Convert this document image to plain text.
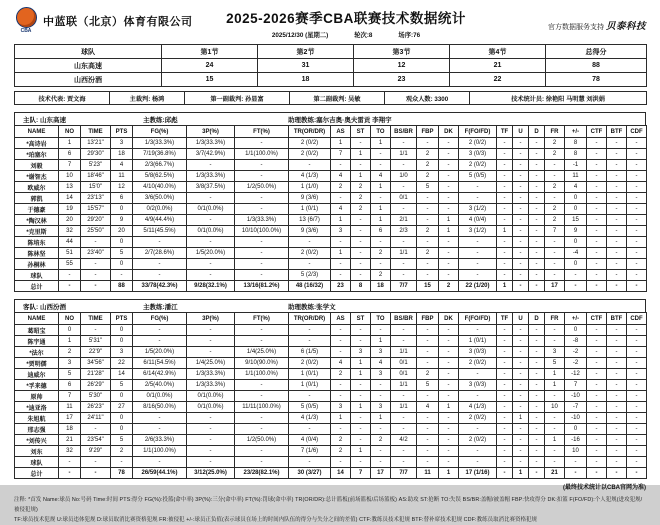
CBA
中蓝联（北京）体育有限公司 2025-2026赛季CBA联赛技术数据统计
2025/12/30 (星期二)	轮次:8	场序:76
官方数据服务支持 贝泰科技
球队	第1节	第2节	第3节	第4节	总得分
山东高速	24	31	12	21	88
山西汾酒	15	18	23	22	78
技术代表: 贾文海	主裁判: 杨鸿	第一副裁判: 孙显富	第二副裁判: 吴敏	观众人数: 3300	技术统计员: 徐艳阳 马明慧 刘洪娟
主队: 山东高速	主教练:邱彪	助理教练:塞尔吉奥·奥夫雷贡 李翔宇
NAME	NO	TIME	PTS	FG(%)	3P(%)	FT(%)	TR(OR/DR)	AS	ST	TO	BS/BR	FBP	DK	F(FO/FD)	TF	U	D	FR	+/-	CTF	BTF	CDF
*高诗岩	1	13'21"	3	1/3(33.3%)	1/3(33.3%)	-	2 (0/2)	1	-	1	-	-	-	2 (0/2)	-	-	-	2	8	-	-	-
*珀塞尔	6	29'30"	18	7/19(36.8%)	3/7(42.9%)	1/1(100.0%)	2 (0/2)	7	1	-	1/1	2	-	3 (0/3)	-	-	-	2	8	-	-	-
刘毅	7	5'23"	4	2/3(66.7%)	-	-	-	-	-	-	-	2	-	2 (0/2)	-	-	-	-	-1	-	-	-
*谢智杰	10	18'46"	11	5/8(62.5%)	1/3(33.3%)	-	4 (1/3)	4	1	4	1/0	2	-	5 (0/5)	-	-	-	-	11	-	-	-
欧威尔	13	15'0"	12	4/10(40.0%)	3/8(37.5%)	1/2(50.0%)	1 (1/0)	2	2	1	-	5	-	-	-	-	-	2	4	-	-	-
郭凯	14	23'13"	6	3/6(50.0%)	-	-	9 (3/6)	-	2	-	0/1	-	-	-	-	-	-	-	0	-	-	-
于德豪	19	15'57"	0	0/2(0.0%)	0/1(0.0%)	-	1 (0/1)	4	2	1	-	-	-	3 (1/2)	-	-	-	2	0	-	-	-
*陶汉林	20	29'20"	9	4/9(44.4%)	-	1/3(33.3%)	13 (6/7)	1	-	1	2/1	-	1	4 (0/4)	-	-	-	2	15	-	-	-
*克里斯	32	25'50"	20	5/11(45.5%)	0/1(0.0%)	10/10(100.0%)	9 (3/6)	3	-	6	2/3	2	1	3 (1/2)	1	-	-	7	9	-	-	-
陈培东	44	-	0	-	-	-	-	-	-	-	-	-	-	-	-	-	-	-	0	-	-	-
陈林坚	51	23'40"	5	2/7(28.6%)	1/5(20.0%)	-	2 (0/2)	1	-	2	1/1	2	-	-	-	-	-	-	-4	-	-	-
孙桐林	55	-	0	-	-	-	-	-	-	-	-	-	-	-	-	-	-	-	0	-	-	-
球队	-	-	-	-	-	-	5 (2/3)	-	-	2	-	-	-	-	-	-	-	-	-	-	-	-
总计	-	-	88	33/78(42.3%)	9/28(32.1%)	13/16(81.2%)	48 (16/32)	23	8	18	7/7	15	2	22 (1/20)	1	-	-	17	-	-	-	-
客队: 山西汾酒	主教练:潘江	助理教练:张学文
NAME	NO	TIME	PTS	FG(%)	3P(%)	FT(%)	TR(OR/DR)	AS	ST	TO	BS/BR	FBP	DK	F(FO/FD)	TF	U	D	FR	+/-	CTF	BTF	CDF
葛昭宝	0	-	0	-	-	-	-	-	-	-	-	-	-	-	-	-	-	-	0	-	-	-
陈宇通	1	5'31"	0	-	-	-	-	-	-	1	-	-	-	1 (0/1)	-	-	-	-	-8	-	-	-
*法尔	2	22'9"	3	1/5(20.0%)	-	1/4(25.0%)	6 (1/5)	-	3	3	1/1	-	-	3 (0/3)	-	-	-	3	-2	-	-	-
*贾明儒	3	34'56"	22	6/11(54.5%)	1/4(25.0%)	9/10(90.0%)	2 (0/2)	4	1	4	0/1	-	-	2 (0/2)	-	-	-	5	-2	-	-	-
迪威尔	5	21'28"	14	6/14(42.9%)	1/3(33.3%)	1/1(100.0%)	1 (0/1)	2	1	3	0/1	2	-	-	-	-	-	1	-12	-	-	-
*孚来德	6	26'29"	5	2/5(40.0%)	1/3(33.3%)	-	1 (0/1)	-	-	-	1/1	5	-	3 (0/3)	-	-	-	1	7	-	-	-
原帅	7	5'30"	0	0/1(0.0%)	0/1(0.0%)	-	-	-	-	-	-	-	-	-	-	-	-	-	-10	-	-	-
*迪亚洛	11	26'23"	27	8/16(50.0%)	0/1(0.0%)	11/11(100.0%)	5 (0/5)	3	1	3	1/1	4	1	4 (1/3)	-	-	-	10	-7	-	-	-
朱旭航	17	24'11"	0	-	-	-	4 (1/3)	1	-	1	-	-	-	2 (0/2)	-	1	-	-	-10	-	-	-
邢志强	18	-	0	-	-	-	-	-	-	-	-	-	-	-	-	-	-	-	0	-	-	-
*刘传兴	21	23'54"	5	2/6(33.3%)	-	1/2(50.0%)	4 (0/4)	2	-	2	4/2	-	-	2 (0/2)	-	-	-	1	-16	-	-	-
刘东	32	9'29"	2	1/1(100.0%)	-	-	7 (1/6)	2	1	-	-	-	-	-	-	-	-	-	10	-	-	-
球队	-	-	-	-	-	-	-	-	-	-	-	-	-	-	-	-	-	-	-	-	-	-
总计	-	-	78	26/59(44.1%)	3/12(25.0%)	23/28(82.1%)	30 (3/27)	14	7	17	7/7	11	1	17 (1/16)	-	1	-	21	-	-	-	-
(最终技术统计以CBA官网为准)
注释: *首发 Name:球员 No:号码 Time:时间 PTS:得分 FG(%):投篮(命中率) 3P(%):三分(命中率) FT(%):罚球(命中率) TR(OR/DR):总计篮板(前场篮板/后场篮板) AS:助攻 ST:抢断 TO:失误 BS/BR:盖帽/被盖帽 FBP:快攻得分 DK:扣篮 F(FO/FD):个人犯规(进攻犯规/被侵犯规)
TF:球员技术犯规 U:球员违体犯规 D:球员取消比赛资格犯规 FR:被侵犯 +/-:球员正负值(表示球员在场上的时间内队伍的得分与失分之间的差值) CTF:教练员技术犯规 BTF:替补席技术犯规 CDF:教练员取消比赛资格犯规
